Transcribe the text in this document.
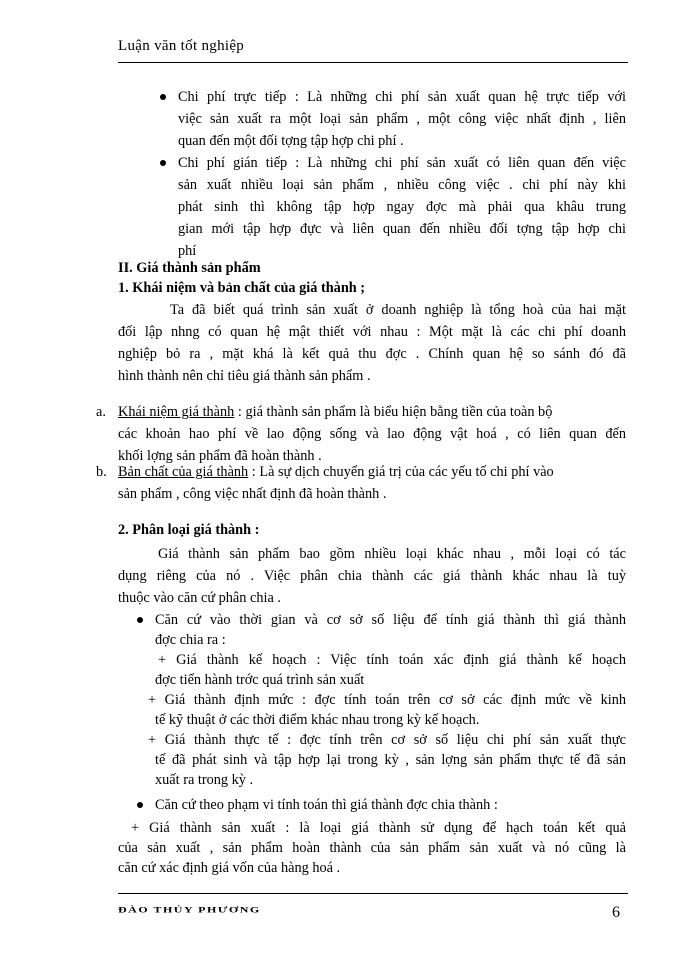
Luận văn tốt nghiệp
Chi phí trực tiếp : Là những chi phí sản xuất quan hệ trực tiếp với
việc sản xuất ra một loại sản phẩm , một công việc nhất định , liên
quan đến một đối tợng tập hợp chi phí .
Chi phí gián tiếp : Là những chi phí sản xuất có liên quan đến việc
sản xuất nhiều loại sản phẩm , nhiều công việc . chi phí này khi
phát sinh thì không tập hợp ngay đợc mà phải qua khâu trung
gian mới tập hợp đực và liên quan đến nhiều đối tợng tập hợp chi
phí
II. Giá thành sản phẩm
1. Khái niệm và bản chất của giá thành ;
Ta đã biết quá trình sản xuất ở doanh nghiệp là tổng hoà của hai mặt
đối lập nhng có quan hệ mật thiết với nhau : Một mặt là các chi phí doanh
nghiệp bỏ ra , mặt khá là kết quả thu đợc . Chính quan hệ so sánh đó đã
hình thành nên chỉ tiêu giá thành sản phẩm .
a. Khái niệm giá thành : giá thành sản phẩm là biểu hiện bằng tiền của toàn bộ
các khoản hao phí về lao động sống và lao động vật hoá , có liên quan đến
khối lợng sản phẩm đã hoàn thành .
b. Bản chất của giá thành : Là sự dịch chuyển giá trị của các yếu tố chi phí vào
sản phẩm , công việc nhất định đã hoàn thành .
2. Phân loại giá thành :
Giá thành sản phẩm bao gồm nhiều loại khác nhau , mỗi loại có tác
dụng riêng của nó . Việc phân chia thành các giá thành khác nhau là tuỳ
thuộc vào căn cứ phân chia .
Căn cứ vào thời gian và cơ sở số liệu để tính giá thành thì giá thành
đợc chia ra :
+ Giá thành kế hoạch : Việc tính toán xác định giá thành kế hoạch
đợc tiến hành trớc quá trình sản xuất
+ Giá thành định mức : đợc tính toán trên cơ sở các định mức về kinh
tế kỹ thuật ở các thời điểm khác nhau trong kỳ kế hoạch.
+ Giá thành thực tế : đợc tính trên cơ sở số liệu chi phí sản xuất thực
tế đã phát sinh và tập hợp lại trong kỳ , sản lợng sản phẩm thực tế đã sản
xuất ra trong kỳ .
Căn cứ theo phạm vi tính toán thì giá thành đợc chia thành :
+ Giá thành sản xuất : là loại giá thành sử dụng để hạch toán kết quả
của sản xuất , sản phẩm hoàn thành của sản phẩm sản xuất và nó cũng là
căn cứ xác định giá vốn của hàng hoá .
ĐÀO THỦY PHƯƠNG	6
